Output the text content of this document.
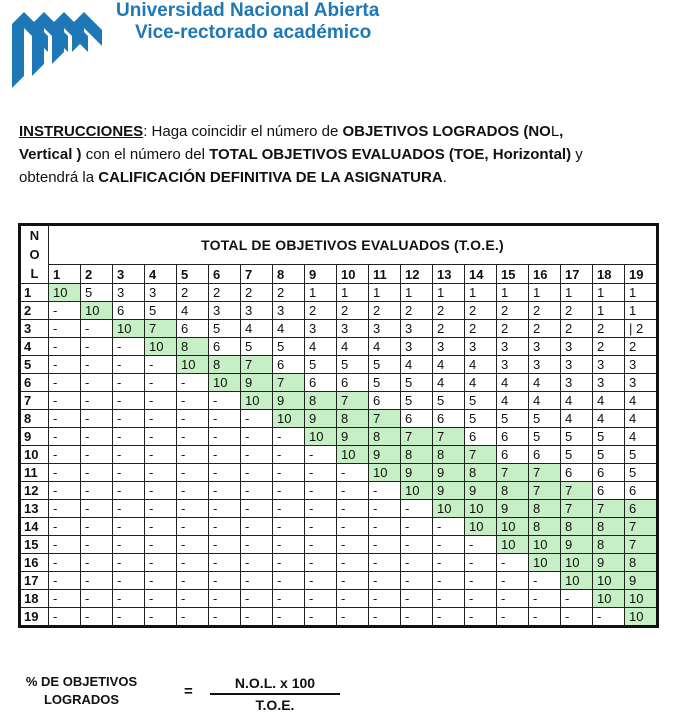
Universidad Nacional Abierta
Vice-rectorado académico
INSTRUCCIONES: Haga coincidir el número de OBJETIVOS LOGRADOS (NOL,
Vertical ) con el número del TOTAL OBJETIVOS EVALUADOS (TOE, Horizontal) y
obtendrá la CALIFICACIÓN DEFINITIVA DE LA ASIGNATURA.
N
O
L	TOTAL DE OBJETIVOS EVALUADOS (T.O.E.)																		
	1	2	3	4	5	6	7	8	9	10	11	12	13	14	15	16	17	18	19
1	10	5	3	3	2	2	2	2	1	1	1	1	1	1	1	1	1	1	1
2	-	10	6	5	4	3	3	3	2	2	2	2	2	2	2	2	2	1	1
3	-	-	10	7	6	5	4	4	3	3	3	3	2	2	2	2	2	2	| 2
4	-	-	-	10	8	6	5	5	4	4	4	3	3	3	3	3	3	2	2
5	-	-	-	-	10	8	7	6	5	5	5	4	4	4	3	3	3	3	3
6	-	-	-	-	-	10	9	7	6	6	5	5	4	4	4	4	3	3	3
7	-	-	-	-	-	-	10	9	8	7	6	5	5	5	4	4	4	4	4
8	-	-	-	-	-	-	-	10	9	8	7	6	6	5	5	5	4	4	4
9	-	-	-	-	-	-	-	-	10	9	8	7	7	6	6	5	5	5	4
10	-	-	-	-	-	-	-	-	-	10	9	8	8	7	6	6	5	5	5
11	-	-	-	-	-	-	-	-	-	-	10	9	9	8	7	7	6	6	5
12	-	-	-	-	-	-	-	-	-	-	-	10	9	9	8	7	7	6	6
13	-	-	-	-	-	-	-	-	-	-	-	-	10	10	9	8	7	7	6
14	-	-	-	-	-	-	-	-	-	-	-	-	-	10	10	8	8	8	7
15	-	-	-	-	-	-	-	-	-	-	-	-	-	-	10	10	9	8	7
16	-	-	-	-	-	-	-	-	-	-	-	-	-	-	-	10	10	9	8
17	-	-	-	-	-	-	-	-	-	-	-	-	-	-	-	-	10	10	9
18	-	-	-	-	-	-	-	-	-	-	-	-	-	-	-	-	-	10	10
19	-	-	-	-	-	-	-	-	-	-	-	-	-	-	-	-	-	-	10
% DE OBJETIVOS
LOGRADOS	= $\frac{N.O.L. x 100}{T.O.E.}$
